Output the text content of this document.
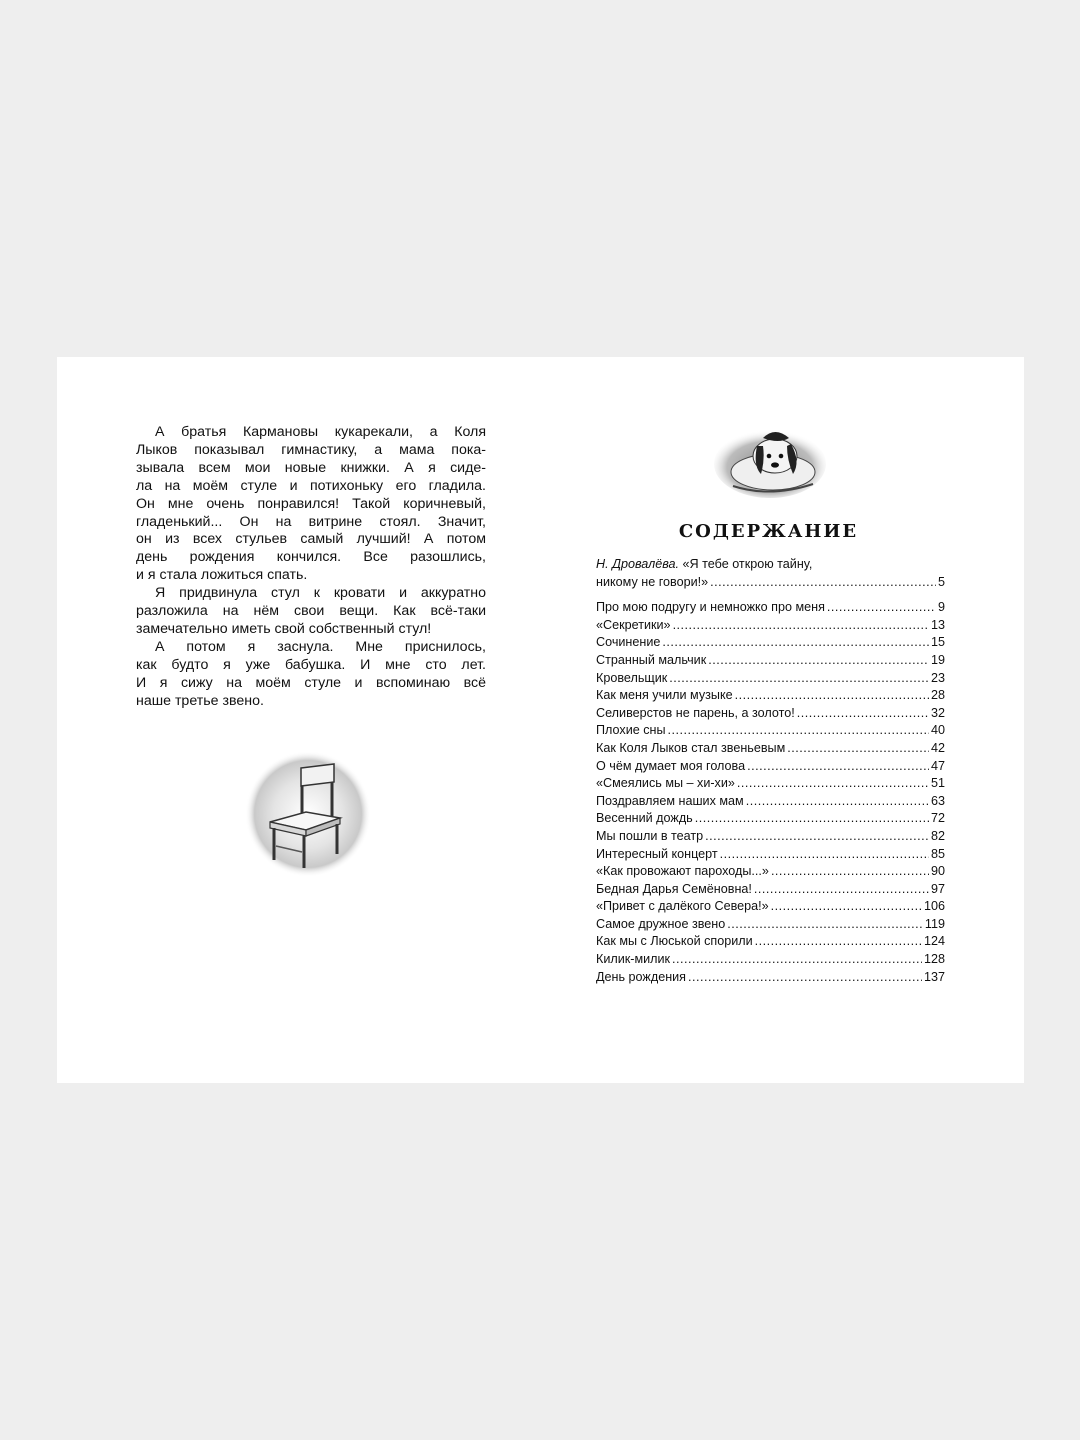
А братья Кармановы кукарекали, а Коля

Лыков показывал гимнастику, а мама пока-

зывала всем мои новые книжки. А я сиде-

ла на моём стуле и потихоньку его гладила.

Он мне очень понравился! Такой коричневый,

гладенький... Он на витрине стоял. Значит,

он из всех стульев самый лучший! А потом

день рождения кончился. Все разошлись,

и я стала ложиться спать.

Я придвинула стул к кровати и аккуратно

разложила на нём свои вещи. Как всё-таки

замечательно иметь свой собственный стул!

А потом я заснула. Мне приснилось,

как будто я уже бабушка. И мне сто лет.

И я сижу на моём стуле и вспоминаю всё

наше третье звено.

СОДЕРЖАНИЕ
Н. Дровалёва. «Я тебе открою тайну,
никому не говори!» .....	5
Про мою подругу и немножко про меня .....	9
«Секретики» .....	13
Сочинение .....	15
Странный мальчик .....	19
Кровельщик .....	23
Как меня учили музыке .....	28
Селиверстов не парень, а золото! .....	32
Плохие сны .....	40
Как Коля Лыков стал звеньевым .....	42
О чём думает моя голова .....	47
«Смеялись мы – хи-хи» .....	51
Поздравляем наших мам .....	63
Весенний дождь .....	72
Мы пошли в театр .....	82
Интересный концерт .....	85
«Как провожают пароходы...» .....	90
Бедная Дарья Семёновна! .....	97
«Привет с далёкого Севера!» .....	106
Самое дружное звено .....	119
Как мы с Люськой спорили .....	124
Килик-милик .....	128
День рождения .....	137
